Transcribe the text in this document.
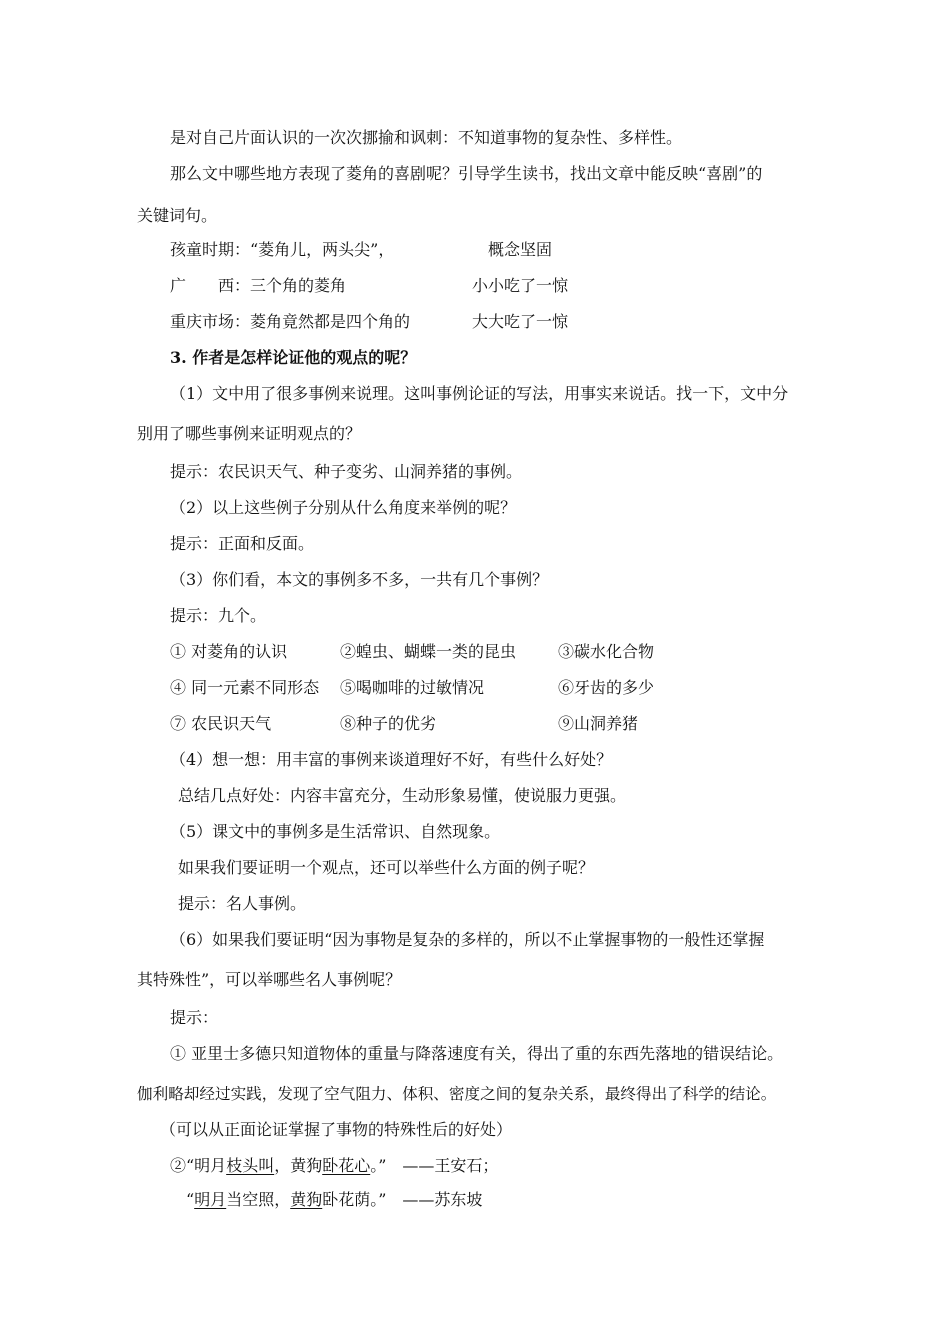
是对自己片面认识的一次次挪揄和讽刺：不知道事物的复杂性、多样性。
那么文中哪些地方表现了菱角的喜剧呢？引导学生读书，找出文章中能反映“喜剧”的
关键词句。
孩童时期：“菱角儿，两头尖”，	概念坚固
广　　西：三个角的菱角	小小吃了一惊
重庆市场：菱角竟然都是四个角的	大大吃了一惊
3. 作者是怎样论证他的观点的呢？
（1）文中用了很多事例来说理。这叫事例论证的写法，用事实来说话。找一下，文中分
别用了哪些事例来证明观点的？
提示：农民识天气、种子变劣、山洞养猪的事例。
（2）以上这些例子分别从什么角度来举例的呢？
提示：正面和反面。
（3）你们看，本文的事例多不多，一共有几个事例？
提示：九个。
① 对菱角的认识	②蝗虫、蝴蝶一类的昆虫	③碳水化合物
④ 同一元素不同形态 ⑤喝咖啡的过敏情况	⑥牙齿的多少
⑦ 农民识天气	⑧种子的优劣	⑨山洞养猪
（4）想一想：用丰富的事例来谈道理好不好，有些什么好处？
总结几点好处：内容丰富充分，生动形象易懂，使说服力更强。
（5）课文中的事例多是生活常识、自然现象。
如果我们要证明一个观点，还可以举些什么方面的例子呢？
提示：名人事例。
（6）如果我们要证明“因为事物是复杂的多样的，所以不止掌握事物的一般性还掌握
其特殊性”，可以举哪些名人事例呢？
提示：
① 亚里士多德只知道物体的重量与降落速度有关，得出了重的东西先落地的错误结论。
伽利略却经过实践，发现了空气阻力、体积、密度之间的复杂关系，最终得出了科学的结论。
（可以从正面论证掌握了事物的特殊性后的好处）
②“明月枝头叫，黄狗卧花心。”　——王安石；
“明月当空照，黄狗卧花荫。”　——苏东坡
